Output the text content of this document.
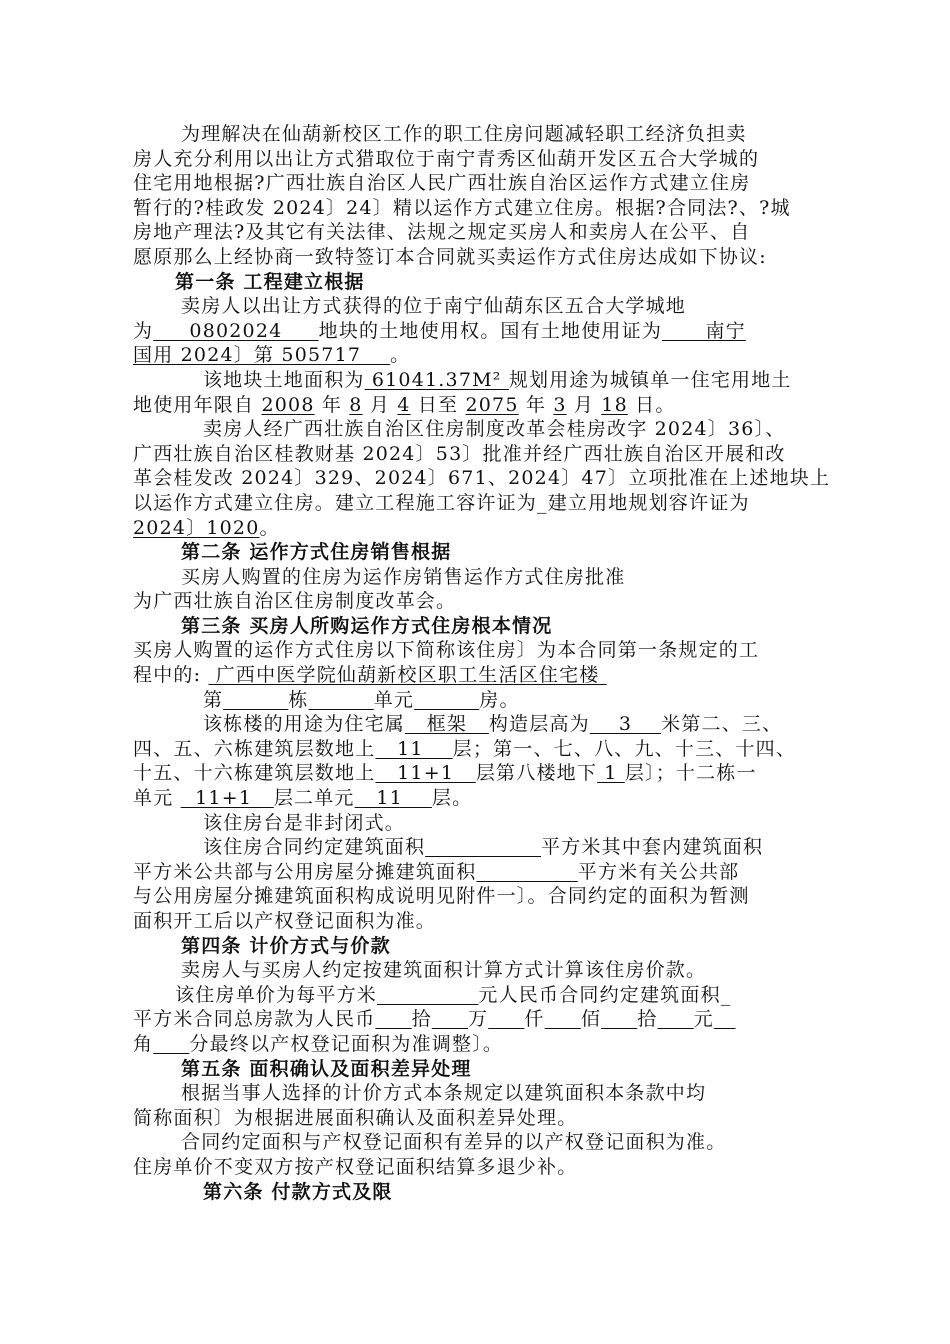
为理解决在仙葫新校区工作的职工住房问题减轻职工经济负担卖
房人充分利用以出让方式猎取位于南宁青秀区仙葫开发区五合大学城的
住宅用地根据?广西壮族自治区人民广西壮族自治区运作方式建立住房
暂行的?桂政发 2024〕24〕精以运作方式建立住房。根据?合同法?、?城
房地产理法?及其它有关法律、法规之规定买房人和卖房人在公平、自
愿原那么上经协商一致特签订本合同就买卖运作方式住房达成如下协议:
第一条 工程建立根据
卖房人以出让方式获得的位于南宁仙葫东区五合大学城地
为     0802024     地块的土地使用权。国有土地使用证为      南宁
国用 2024〕第 505717    。
该地块土地面积为 61041.37M² 规划用途为城镇单一住宅用地土
地使用年限自 2008 年 8 月 4 日至 2075 年 3 月 18 日。
卖房人经广西壮族自治区住房制度改革会桂房改字 2024〕36〕、
广西壮族自治区桂教财基 2024〕53〕批准并经广西壮族自治区开展和改
革会桂发改 2024〕329、2024〕671、2024〕47〕立项批准在上述地块上
以运作方式建立住房。建立工程施工容许证为_建立用地规划容许证为
2024〕1020。
第二条 运作方式住房销售根据
买房人购置的住房为运作房销售运作方式住房批准
为广西壮族自治区住房制度改革会。
第三条 买房人所购运作方式住房根本情况
买房人购置的运作方式住房以下简称该住房〕为本合同第一条规定的工
程中的:  广西中医学院仙葫新校区职工生活区住宅楼
第	栋	单元	房。
该栋楼的用途为住宅属   框架   构造层高为    3    米第二、三、
四、五、六栋建筑层数地上   11    层；第一、七、八、九、十三、十四、
十五、十六栋建筑层数地上   11+1   层第八楼地下 1 层〕；十二栋一
单元   11+1   层二单元   11    层。
该住房台是非封闭式。
该住房合同约定建筑面积	平方米其中套内建筑面积
平方米公共部与公用房屋分摊建筑面积	平方米有关公共部
与公用房屋分摊建筑面积构成说明见附件一〕。合同约定的面积为暂测
面积开工后以产权登记面积为准。
第四条 计价方式与价款
卖房人与买房人约定按建筑面积计算方式计算该住房价款。
该住房单价为每平方米	元人民币合同约定建筑面积_
平方米合同总房款为人民币 拾 万 仟 佰 拾 元
角 分最终以产权登记面积为准调整〕。
第五条 面积确认及面积差异处理
根据当事人选择的计价方式本条规定以建筑面积本条款中均
简称面积〕为根据进展面积确认及面积差异处理。
合同约定面积与产权登记面积有差异的以产权登记面积为准。
住房单价不变双方按产权登记面积结算多退少补。
第六条 付款方式及限
